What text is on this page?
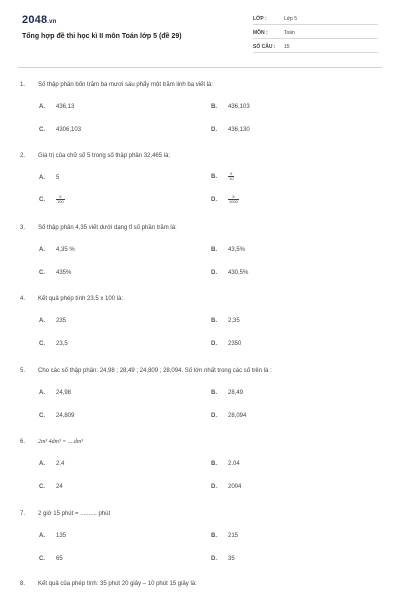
2048.vn
Tổng hợp đề thi học kì II môn Toán lớp 5 (đề 29)
LỚP :	Lớp 5
MÔN :	Toán
SỐ CÂU : 15
1. Số thập phân bốn trăm ba mươi sáu phẩy một trăm linh ba viết là:
A. 436,13	B. 436,103
C. 4306,103	D. 436,130
2. Giá trị của chữ số 5 trong số thập phân 32,465 là:
A. 5	B.	$\frac{5}{10}$
C.	$\frac{5}{100}$	D.	$\frac{5}{1000}$
3. Số thập phân 4,35 viết dưới dạng tỉ số phần trăm là:
A. 4,35 %	B. 43,5%
C. 435%	D. 430,5%
4. Kết quả phép tính 23,5 x 100 là:
A. 235	B. 2,35
C. 23,5	D. 2350
5. Cho các số thập phân: 24,98 ; 28,49 ; 24,809 ; 28,094. Số lớn nhất trong các số trên là :
A. 24,98	B. 28,49
C. 24,809	D. 28,094
6. 2m³ 4dm³ = ....dm³
A. 2.4	B. 2.04
C. 24	D. 2004
7. 2 giờ 15 phút = .......... phút
A. 135	B. 215
C. 65	D. 35
8. Kết quả của phép tính: 35 phút 20 giây – 10 phút 15 giây là:
